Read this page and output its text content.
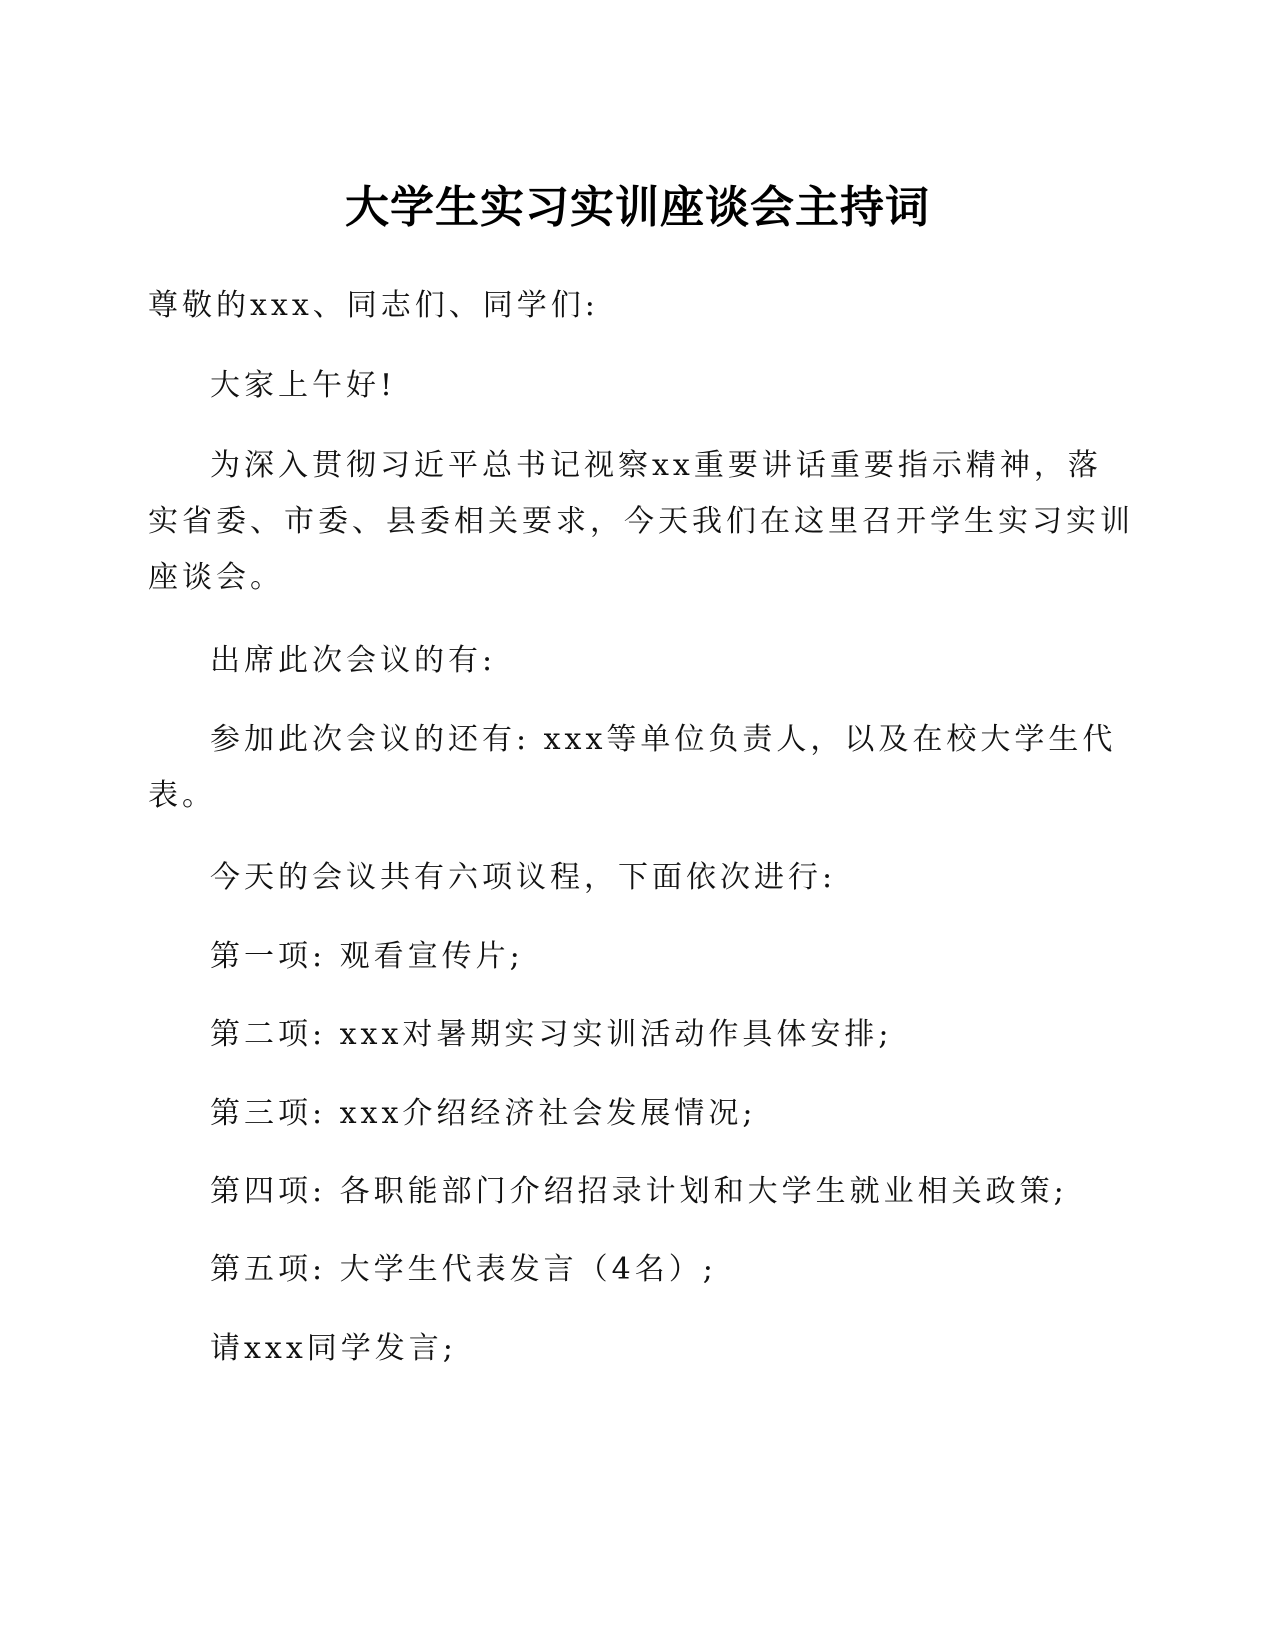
大学生实习实训座谈会主持词

尊敬的xxx、同志们、同学们:

大家上午好!

为深入贯彻习近平总书记视察xx重要讲话重要指示精神，落
实省委、市委、县委相关要求，今天我们在这里召开学生实习实训
座谈会。

出席此次会议的有:

参加此次会议的还有: xxx等单位负责人，以及在校大学生代
表。

今天的会议共有六项议程，下面依次进行:

第一项: 观看宣传片;

第二项: xxx对暑期实习实训活动作具体安排;

第三项: xxx介绍经济社会发展情况;

第四项: 各职能部门介绍招录计划和大学生就业相关政策;

第五项: 大学生代表发言（4名）;

请xxx同学发言;
